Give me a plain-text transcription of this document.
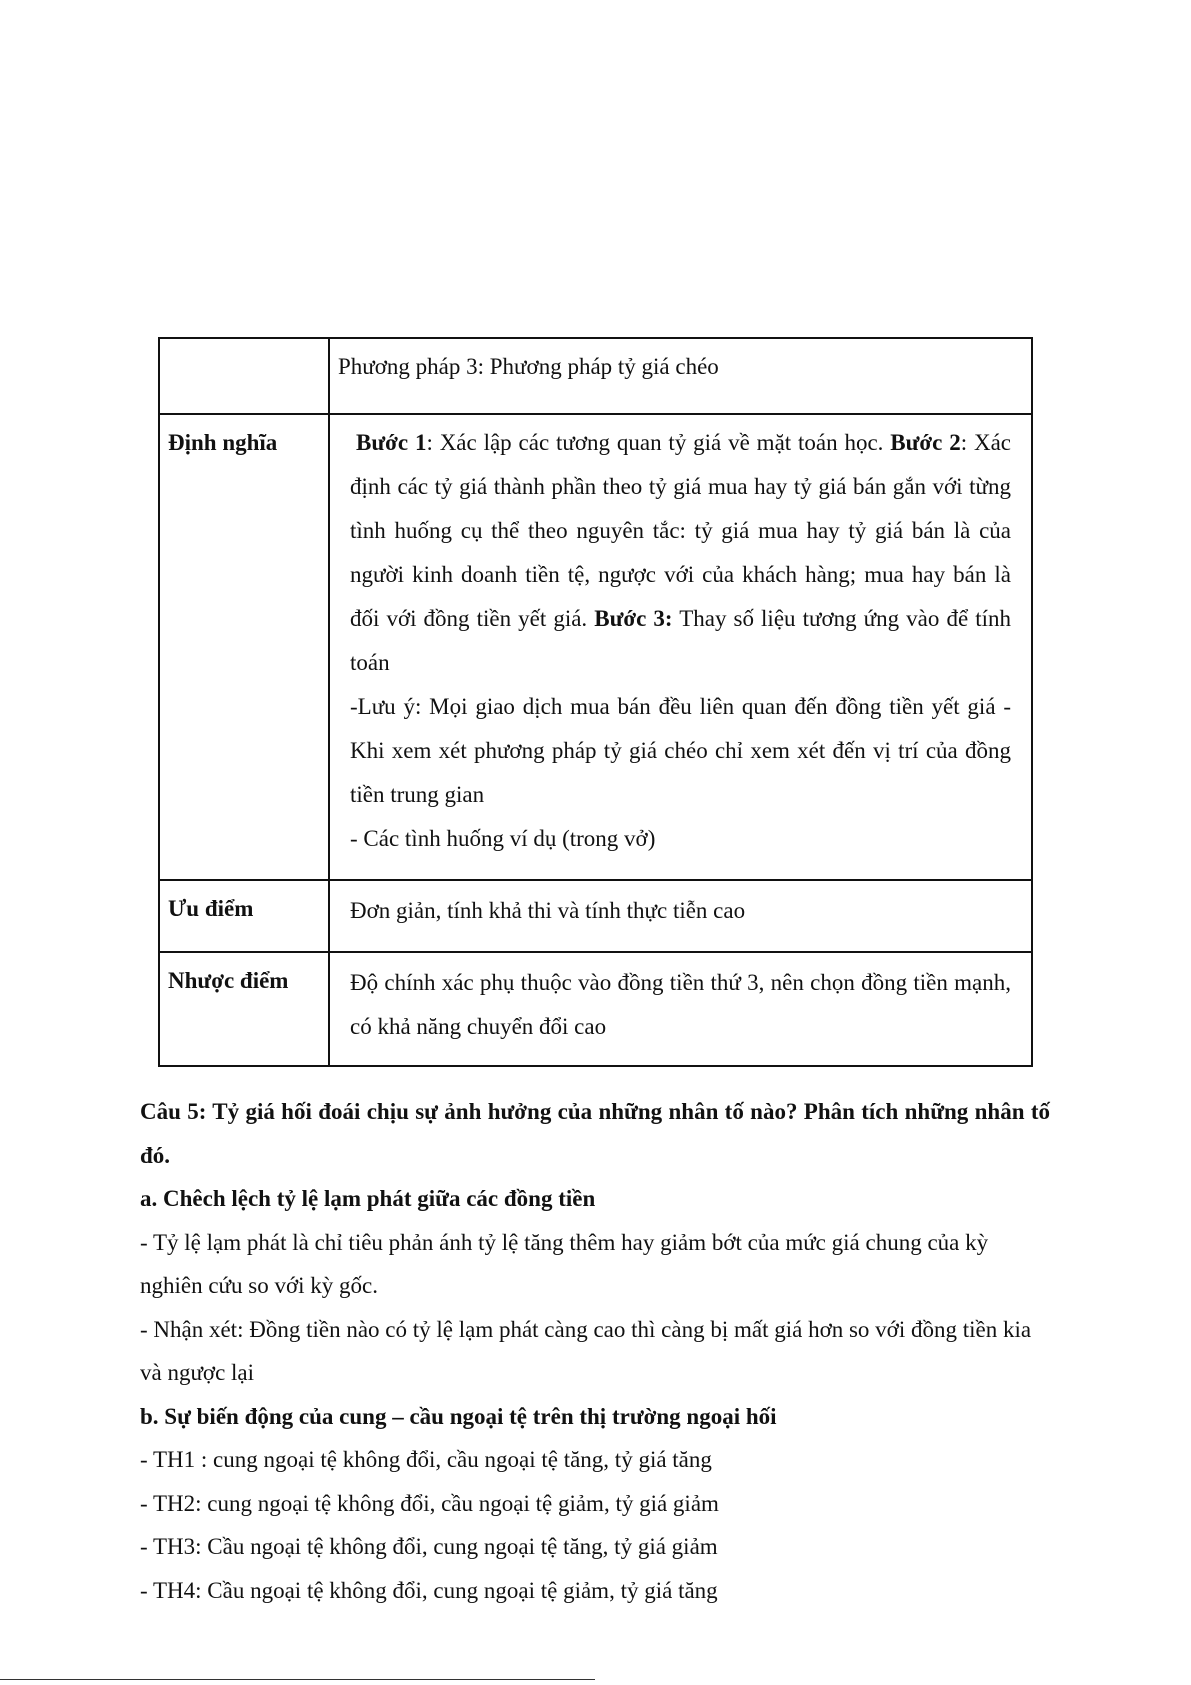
	Phương pháp 3: Phương pháp tỷ giá chéo
Định nghĩa	Bước 1: Xác lập các tương quan tỷ giá về mặt toán học. Bước 2: Xác định các tỷ giá thành phần theo tỷ giá mua hay tỷ giá bán gắn với từng tình huống cụ thể theo nguyên tắc: tỷ giá mua hay tỷ giá bán là của người kinh doanh tiền tệ, ngược với của khách hàng; mua hay bán là đối với đồng tiền yết giá. Bước 3: Thay số liệu tương ứng vào để tính toán
-Lưu ý: Mọi giao dịch mua bán đều liên quan đến đồng tiền yết giá -Khi xem xét phương pháp tỷ giá chéo chỉ xem xét đến vị trí của đồng tiền trung gian
- Các tình huống ví dụ (trong vở)

Ưu điểm	Đơn giản, tính khả thi và tính thực tiễn cao
Nhược điểm	Độ chính xác phụ thuộc vào đồng tiền thứ 3, nên chọn đồng tiền mạnh, có khả năng chuyển đổi cao

Câu 5: Tỷ giá hối đoái chịu sự ảnh hưởng của những nhân tố nào? Phân tích những nhân tố đó.

a. Chêch lệch tỷ lệ lạm phát giữa các đồng tiền

- Tỷ lệ lạm phát là chỉ tiêu phản ánh tỷ lệ tăng thêm hay giảm bớt của mức giá chung của kỳ nghiên cứu so với kỳ gốc.

- Nhận xét: Đồng tiền nào có tỷ lệ lạm phát càng cao thì càng bị mất giá hơn so với đồng tiền kia và ngược lại

b. Sự biến động của cung – cầu ngoại tệ trên thị trường ngoại hối

- TH1 : cung ngoại tệ không đổi, cầu ngoại tệ tăng, tỷ giá tăng

- TH2: cung ngoại tệ không đổi, cầu ngoại tệ giảm, tỷ giá giảm

- TH3: Cầu ngoại tệ không đổi, cung ngoại tệ tăng, tỷ giá giảm

- TH4: Cầu ngoại tệ không đổi, cung ngoại tệ giảm, tỷ giá tăng
